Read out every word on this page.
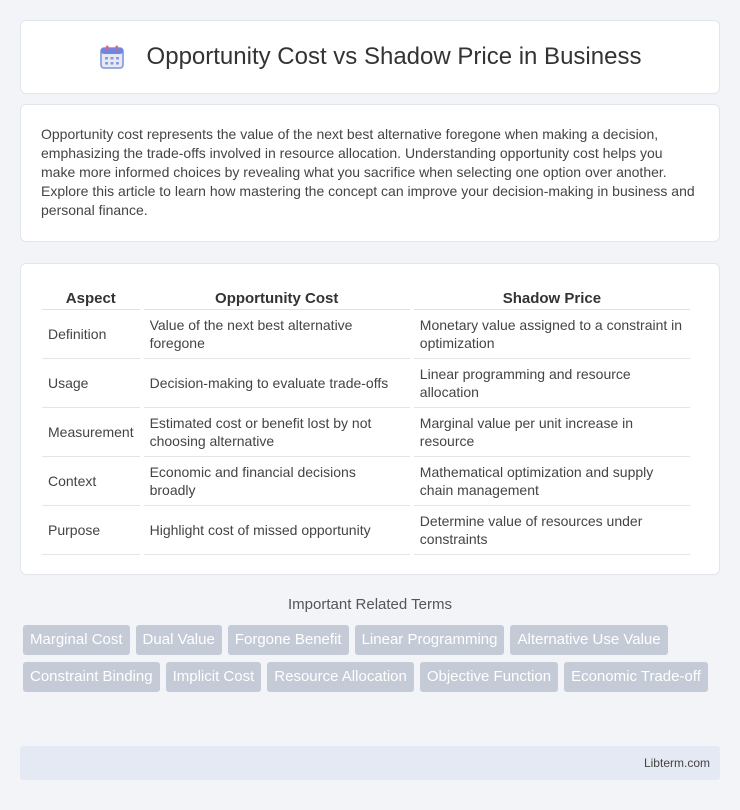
Opportunity Cost vs Shadow Price in Business

Opportunity cost represents the value of the next best alternative foregone when making a decision, emphasizing the trade-offs involved in resource allocation. Understanding opportunity cost helps you make more informed choices by revealing what you sacrifice when selecting one option over another. Explore this article to learn how mastering the concept can improve your decision-making in business and personal finance.

Aspect	Opportunity Cost	Shadow Price
Definition	Value of the next best alternative foregone	Monetary value assigned to a constraint in optimization
Usage	Decision-making to evaluate trade-offs	Linear programming and resource allocation
Measurement	Estimated cost or benefit lost by not choosing alternative	Marginal value per unit increase in resource
Context	Economic and financial decisions broadly	Mathematical optimization and supply chain management
Purpose	Highlight cost of missed opportunity	Determine value of resources under constraints
Important Related Terms
Marginal Cost	Dual Value	Forgone Benefit	Linear Programming	Alternative Use Value
Constraint Binding	Implicit Cost	Resource Allocation	Objective Function	Economic Trade-off
Libterm.com
